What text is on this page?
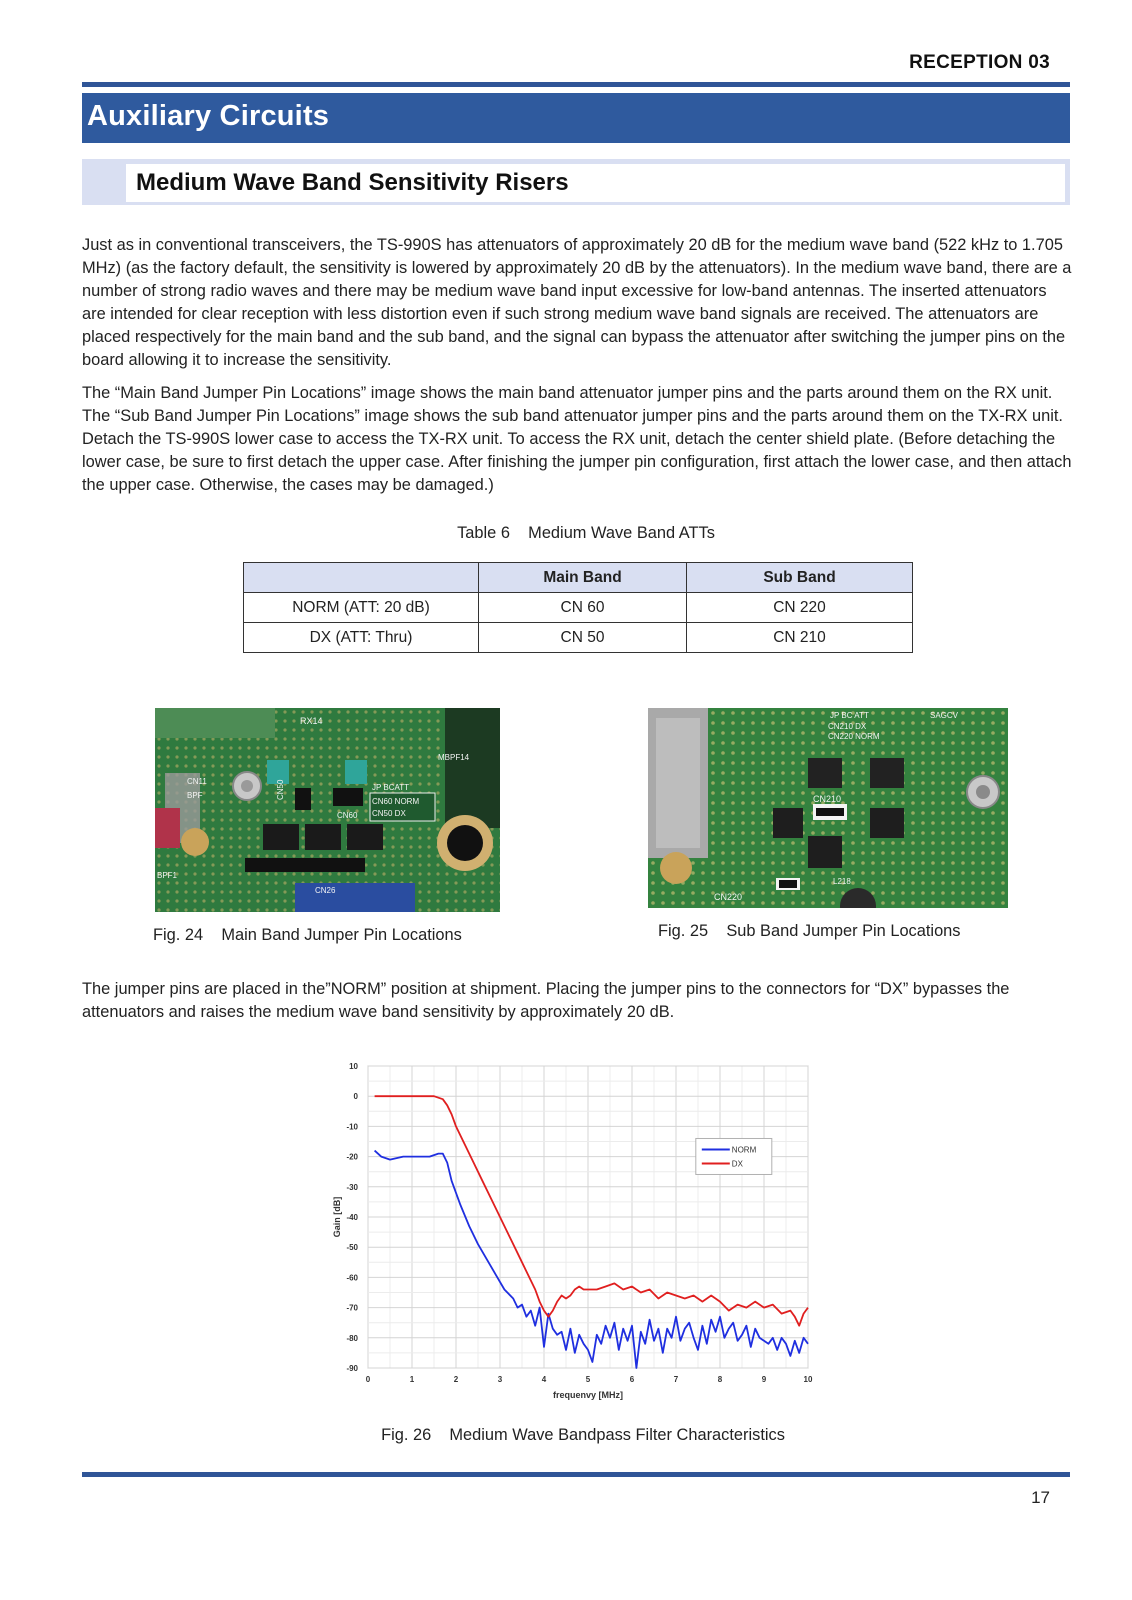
RECEPTION 03
Auxiliary Circuits
Medium Wave Band Sensitivity Risers

Just as in conventional transceivers, the TS-990S has attenuators of approximately 20 dB for the medium wave band (522 kHz to 1.705 MHz) (as the factory default, the sensitivity is lowered by approximately 20 dB by the attenuators). In the medium wave band, there are a number of strong radio waves and there may be medium wave band input excessive for low-band antennas. The inserted attenuators are intended for clear reception with less distortion even if such strong medium wave band signals are received. The attenuators are placed respectively for the main band and the sub band, and the signal can bypass the attenuator after switching the jumper pins on the board allowing it to increase the sensitivity.

The “Main Band Jumper Pin Locations” image shows the main band attenuator jumper pins and the parts around them on the RX unit. The “Sub Band Jumper Pin Locations” image shows the sub band attenuator jumper pins and the parts around them on the TX-RX unit. Detach the TS-990S lower case to access the TX-RX unit. To access the RX unit, detach the center shield plate. (Before detaching the lower case, be sure to first detach the upper case. After finishing the jumper pin configuration, first attach the lower case, and then attach the upper case. Otherwise, the cases may be damaged.)

Table 6    Medium Wave Band ATTs
	Main Band	Sub Band
NORM (ATT: 20 dB)	CN 60	CN 220
DX (ATT: Thru)	CN 50	CN 210
RX14
MBPF14
CN11
BPF
JP BCATT
CN60 NORM
CN50 DX
CN60
CN50
BPF1
CN26
Fig. 24    Main Band Jumper Pin Locations
JP BC ATT
CN210 DX
CN220 NORM
SAGCV
CN210
CN220
L218
Fig. 25    Sub Band Jumper Pin Locations

The jumper pins are placed in the”NORM” position at shipment. Placing the jumper pins to the connectors for “DX” bypasses the attenuators and raises the medium wave band sensitivity by approximately 20 dB.

10
0
-10
-20
-30
-40
-50
-60
-70
-80
-90
0	1	2	3	4	5	6	7	8	9	10
NORM
DX
Gain [dB]
frequenvy [MHz]
Fig. 26    Medium Wave Bandpass Filter Characteristics
17
